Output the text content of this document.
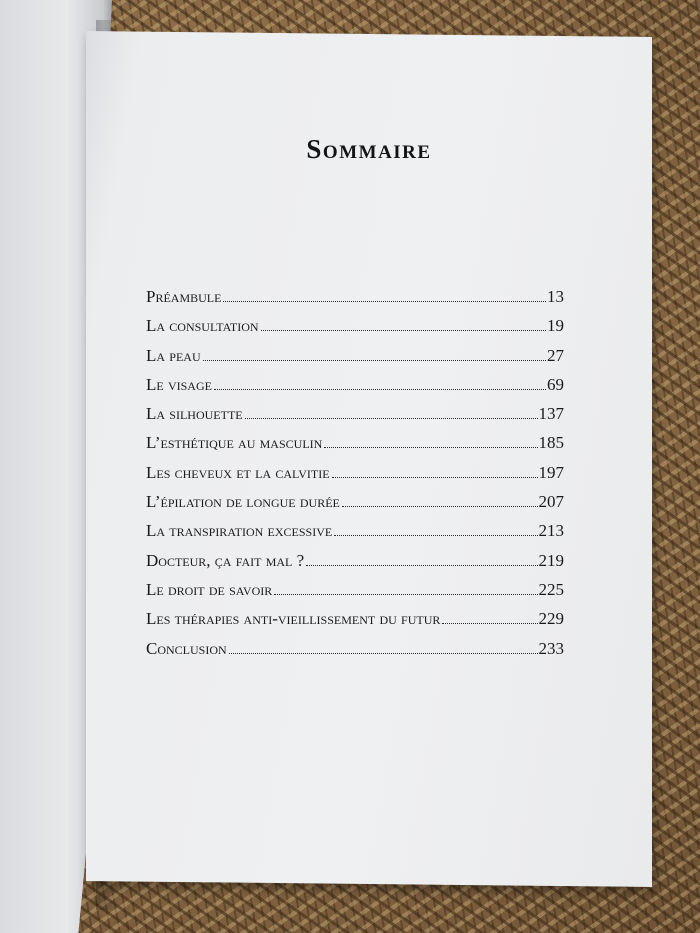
Sommaire
Préambule	13
La consultation	19
La peau	27
Le visage	69
La silhouette	137
L’esthétique au masculin	185
Les cheveux et la calvitie	197
L’épilation de longue durée	207
La transpiration excessive	213
Docteur, ça fait mal ?	219
Le droit de savoir	225
Les thérapies anti-vieillissement du futur	229
Conclusion	233
